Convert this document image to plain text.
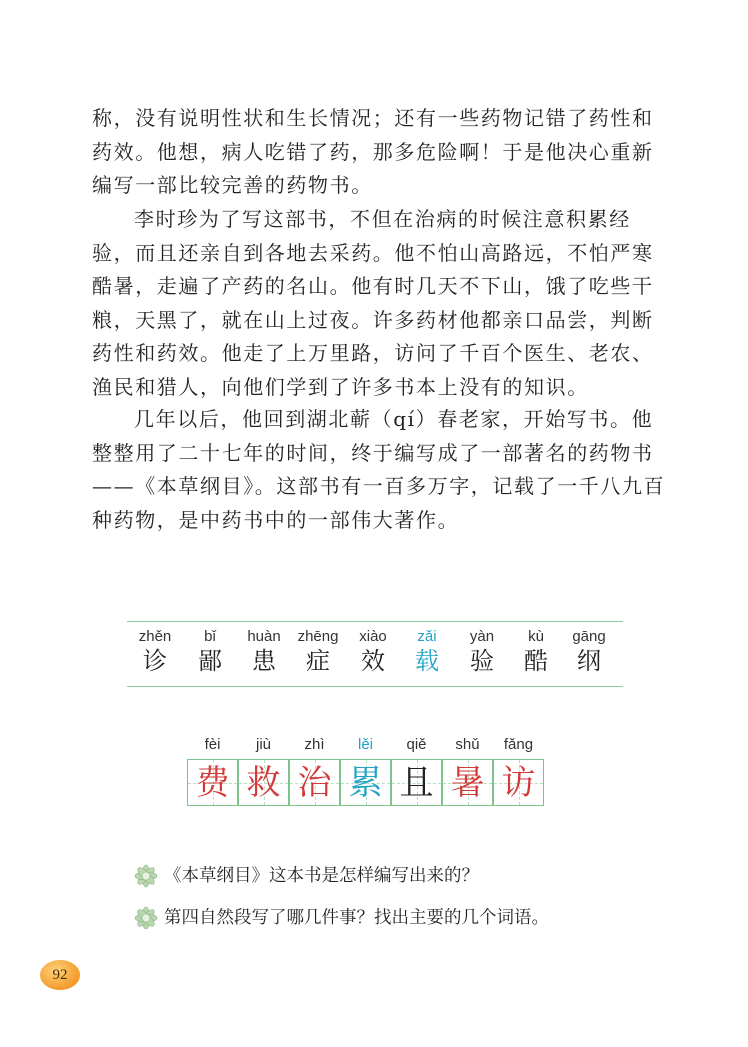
称，没有说明性状和生长情况；还有一些药物记错了药性和药效。他想，病人吃错了药，那多危险啊！于是他决心重新编写一部比较完善的药物书。

李时珍为了写这部书，不但在治病的时候注意积累经验，而且还亲自到各地去采药。他不怕山高路远，不怕严寒酷暑，走遍了产药的名山。他有时几天不下山，饿了吃些干粮，天黑了，就在山上过夜。许多药材他都亲口品尝，判断药性和药效。他走了上万里路，访问了千百个医生、老农、渔民和猎人，向他们学到了许多书本上没有的知识。

几年以后，他回到湖北蕲（qí）春老家，开始写书。他整整用了二十七年的时间，终于编写成了一部著名的药物书——《本草纲目》。这部书有一百多万字，记载了一千八九百种药物，是中药书中的一部伟大著作。

zhěn
诊
bǐ
鄙
huàn
患
zhēng
症
xiào
效
zǎi
载
yàn
验
kù
酷
gāng
纲
fèi
费
jiù
救
zhì
治
lěi
累
qiě
且
shǔ
暑
fǎng
访
《本草纲目》这本书是怎样编写出来的？
第四自然段写了哪几件事？找出主要的几个词语。
92
